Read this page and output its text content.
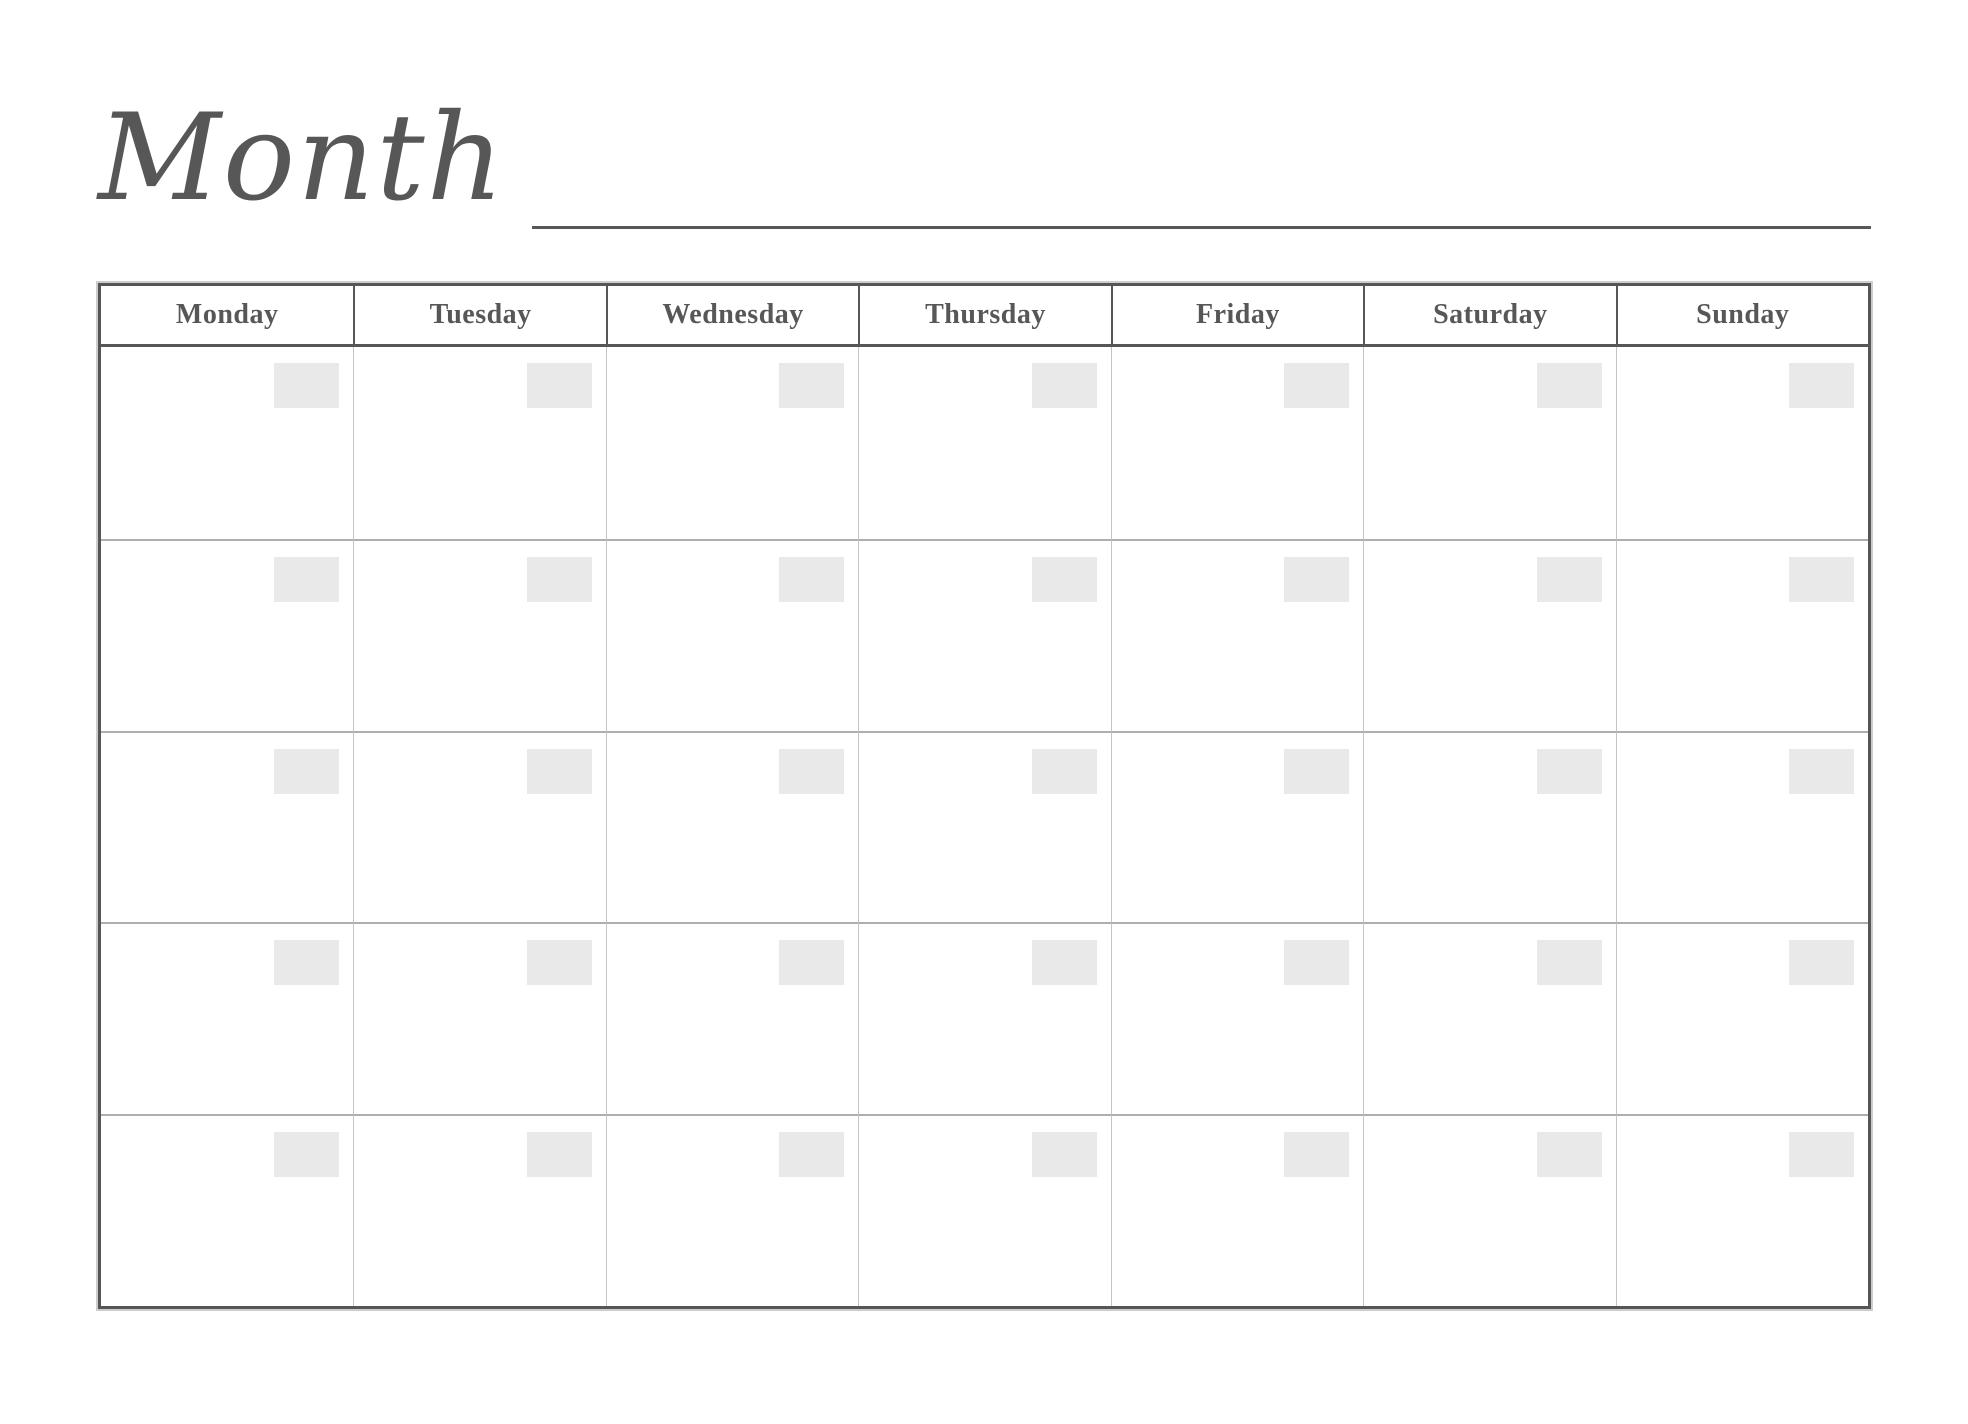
Month
Monday	Tuesday	Wednesday	Thursday	Friday	Saturday	Sunday
